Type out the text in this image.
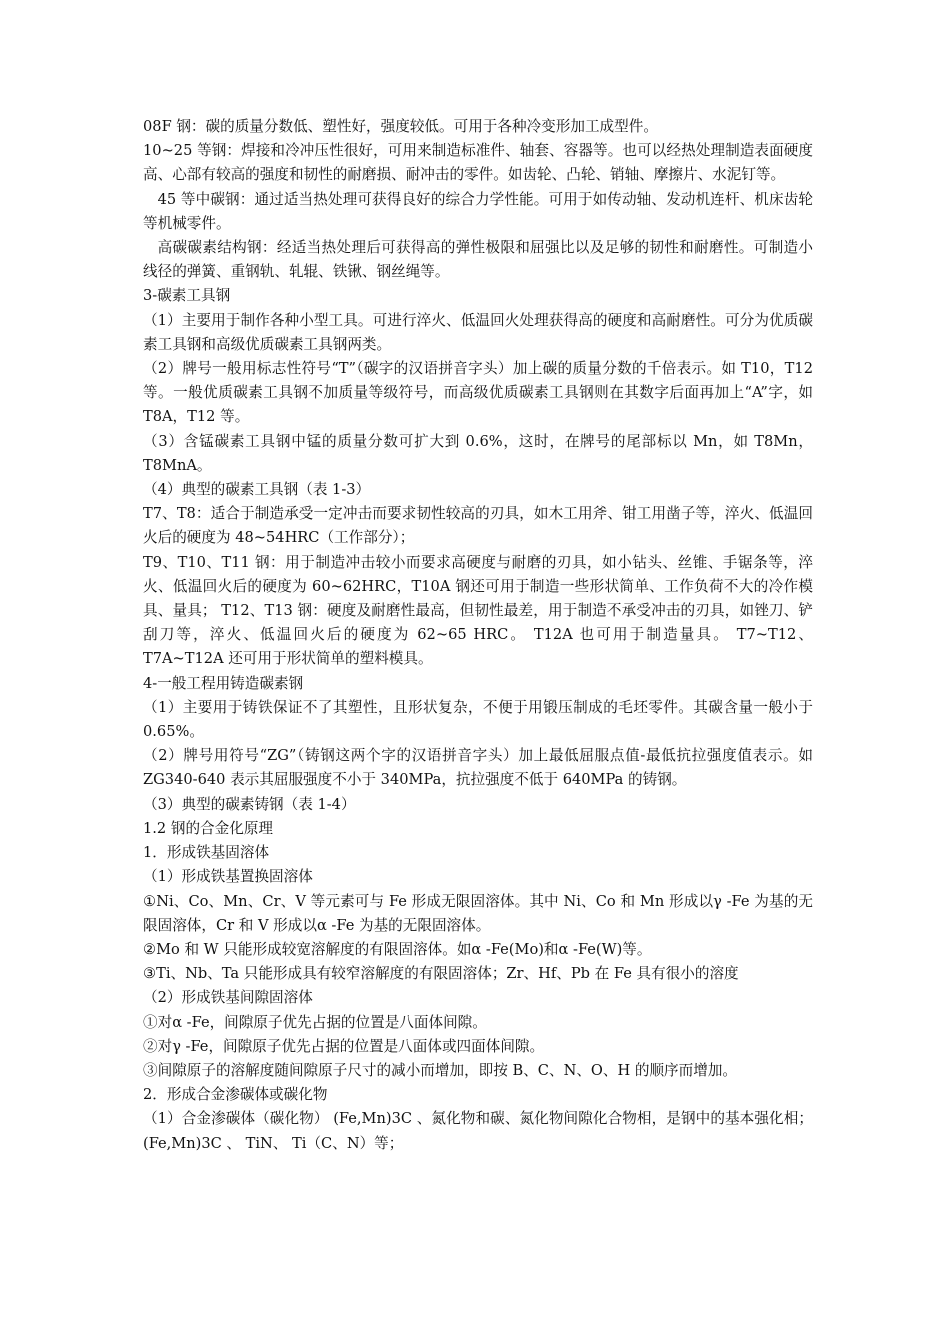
08F 钢：碳的质量分数低、塑性好，强度较低。可用于各种冷变形加工成型件。

10~25 等钢：焊接和冷冲压性很好，可用来制造标准件、轴套、容器等。也可以经热处理制造表面硬度高、心部有较高的强度和韧性的耐磨损、耐冲击的零件。如齿轮、凸轮、销轴、摩擦片、水泥钉等。

45 等中碳钢：通过适当热处理可获得良好的综合力学性能。可用于如传动轴、发动机连杆、机床齿轮等机械零件。

高碳碳素结构钢：经适当热处理后可获得高的弹性极限和屈强比以及足够的韧性和耐磨性。可制造小线径的弹簧、重钢轨、轧辊、铁锹、钢丝绳等。

3-碳素工具钢

（1）主要用于制作各种小型工具。可进行淬火、低温回火处理获得高的硬度和高耐磨性。可分为优质碳素工具钢和高级优质碳素工具钢两类。

（2）牌号一般用标志性符号“T”（碳字的汉语拼音字头）加上碳的质量分数的千倍表示。如 T10，T12 等。一般优质碳素工具钢不加质量等级符号，而高级优质碳素工具钢则在其数字后面再加上“A”字，如 T8A，T12 等。

（3）含锰碳素工具钢中锰的质量分数可扩大到 0.6%，这时，在牌号的尾部标以 Mn，如 T8Mn，T8MnA。

（4）典型的碳素工具钢（表 1-3）

T7、T8：适合于制造承受一定冲击而要求韧性较高的刃具，如木工用斧、钳工用凿子等，淬火、低温回火后的硬度为 48~54HRC（工作部分）；

T9、T10、T11 钢：用于制造冲击较小而要求高硬度与耐磨的刃具，如小钻头、丝锥、手锯条等，淬火、低温回火后的硬度为 60~62HRC，T10A 钢还可用于制造一些形状简单、工作负荷不大的冷作模具、量具； T12、T13 钢：硬度及耐磨性最高，但韧性最差，用于制造不承受冲击的刃具，如锉刀、铲刮刀等，淬火、低温回火后的硬度为 62~65 HRC。 T12A 也可用于制造量具。 T7~T12、T7A~T12A 还可用于形状简单的塑料模具。

4-一般工程用铸造碳素钢

（1）主要用于铸铁保证不了其塑性，且形状复杂，不便于用锻压制成的毛坯零件。其碳含量一般小于 0.65%。

（2）牌号用符号“ZG”（铸钢这两个字的汉语拼音字头）加上最低屈服点值-最低抗拉强度值表示。如 ZG340-640 表示其屈服强度不小于 340MPa，抗拉强度不低于 640MPa 的铸钢。

（3）典型的碳素铸钢（表 1-4）

1.2 钢的合金化原理

1．形成铁基固溶体

（1）形成铁基置换固溶体

①Ni、Co、Mn、Cr、V 等元素可与 Fe 形成无限固溶体。其中 Ni、Co 和 Mn 形成以γ -Fe 为基的无限固溶体，Cr 和 V 形成以α -Fe 为基的无限固溶体。

②Mo 和 W 只能形成较宽溶解度的有限固溶体。如α -Fe(Mo)和α -Fe(W)等。

③Ti、Nb、Ta 只能形成具有较窄溶解度的有限固溶体；Zr、Hf、Pb 在 Fe 具有很小的溶度

（2）形成铁基间隙固溶体

①对α -Fe，间隙原子优先占据的位置是八面体间隙。

②对γ -Fe，间隙原子优先占据的位置是八面体或四面体间隙。

③间隙原子的溶解度随间隙原子尺寸的减小而增加，即按 B、C、N、O、H 的顺序而增加。

2．形成合金渗碳体或碳化物

（1）合金渗碳体（碳化物） (Fe,Mn)3C 、氮化物和碳、氮化物间隙化合物相，是钢中的基本强化相； (Fe,Mn)3C 、 TiN、 Ti（C、N）等；
